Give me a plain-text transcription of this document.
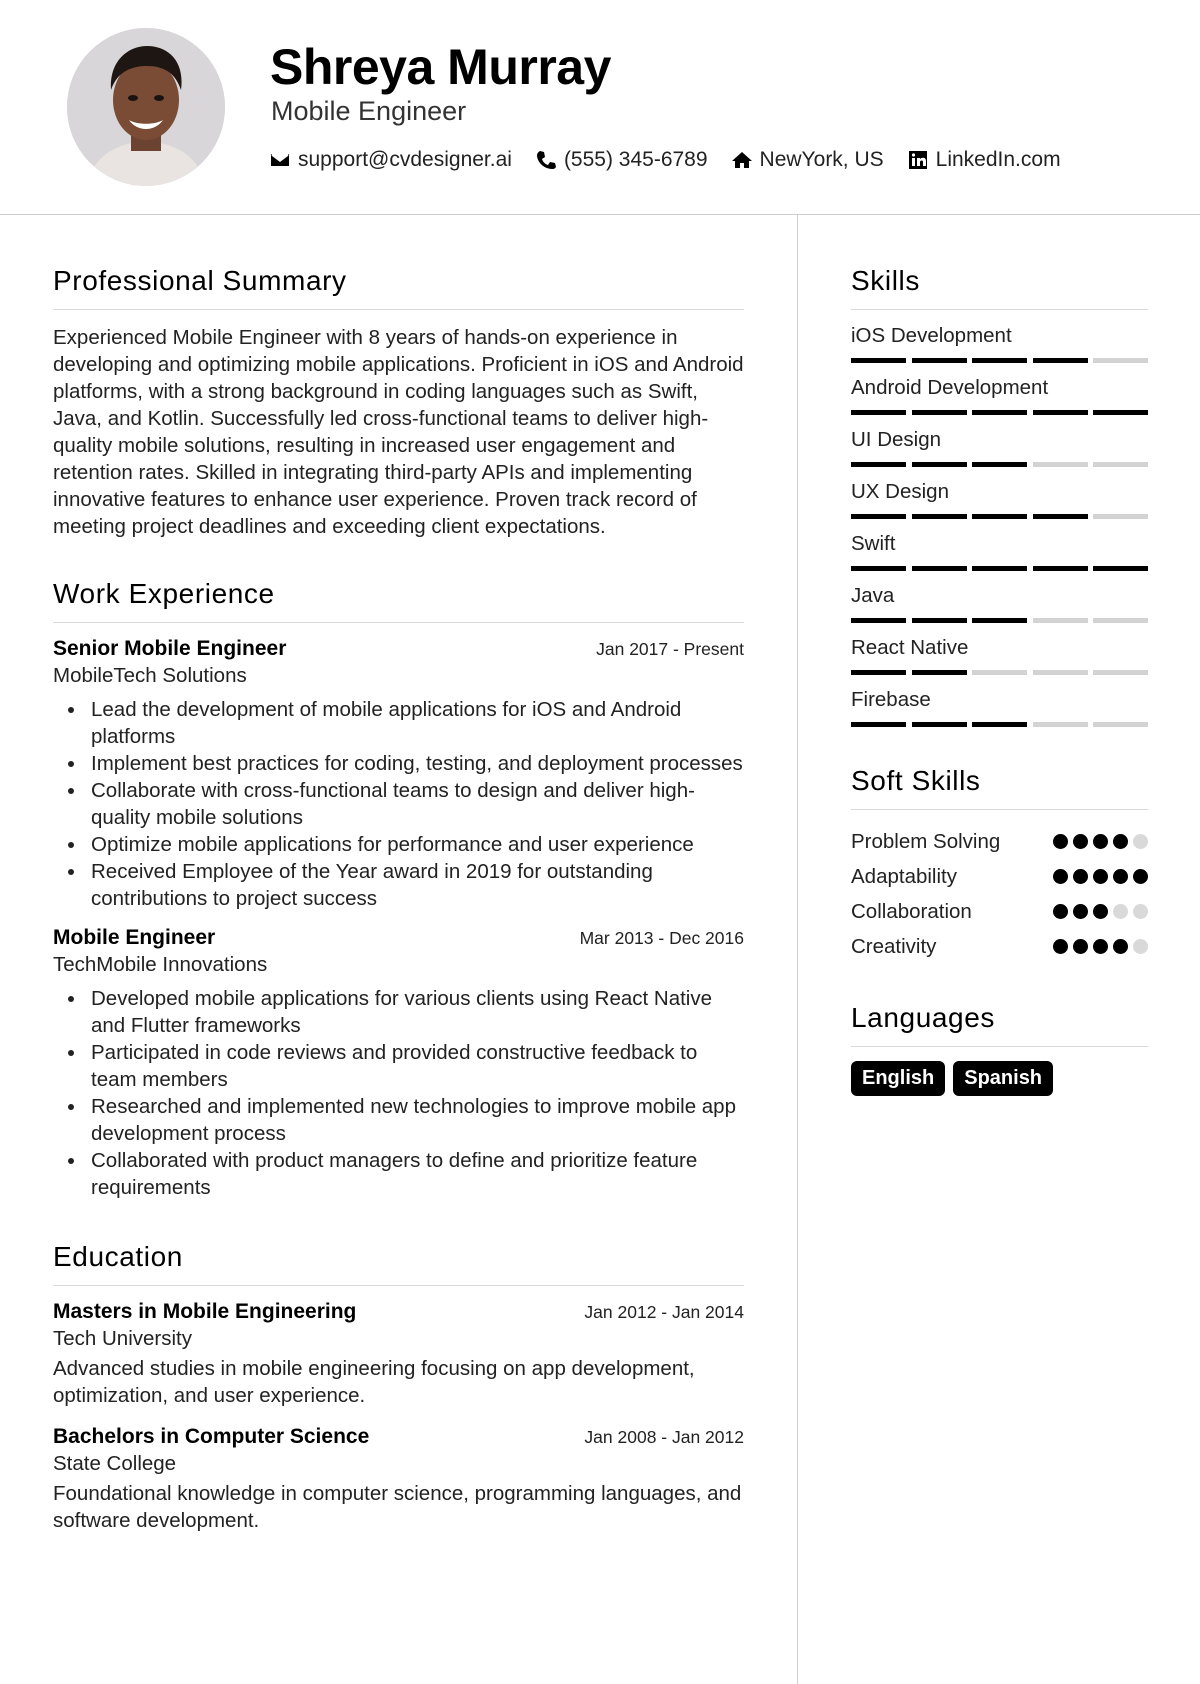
Shreya Murray
Mobile Engineer
support@cvdesigner.ai (555) 345-6789 NewYork, US LinkedIn.com
Professional Summary
Experienced Mobile Engineer with 8 years of hands-on experience in developing and optimizing mobile applications. Proficient in iOS and Android platforms, with a strong background in coding languages such as Swift, Java, and Kotlin. Successfully led cross-functional teams to deliver high-quality mobile solutions, resulting in increased user engagement and retention rates. Skilled in integrating third-party APIs and implementing innovative features to enhance user experience. Proven track record of meeting project deadlines and exceeding client expectations.
Work Experience
Senior Mobile Engineer	Jan 2017 - Present
MobileTech Solutions
Lead the development of mobile applications for iOS and Android platforms
Implement best practices for coding, testing, and deployment processes
Collaborate with cross-functional teams to design and deliver high-quality mobile solutions
Optimize mobile applications for performance and user experience
Received Employee of the Year award in 2019 for outstanding contributions to project success
Mobile Engineer	Mar 2013 - Dec 2016
TechMobile Innovations
Developed mobile applications for various clients using React Native and Flutter frameworks
Participated in code reviews and provided constructive feedback to team members
Researched and implemented new technologies to improve mobile app development process
Collaborated with product managers to define and prioritize feature requirements
Education
Masters in Mobile Engineering	Jan 2012 - Jan 2014
Tech University
Advanced studies in mobile engineering focusing on app development, optimization, and user experience.
Bachelors in Computer Science	Jan 2008 - Jan 2012
State College
Foundational knowledge in computer science, programming languages, and software development.
Skills
iOS Development
Android Development
UI Design
UX Design
Swift
Java
React Native
Firebase
Soft Skills
Problem Solving
Adaptability
Collaboration
Creativity
Languages
English	Spanish
